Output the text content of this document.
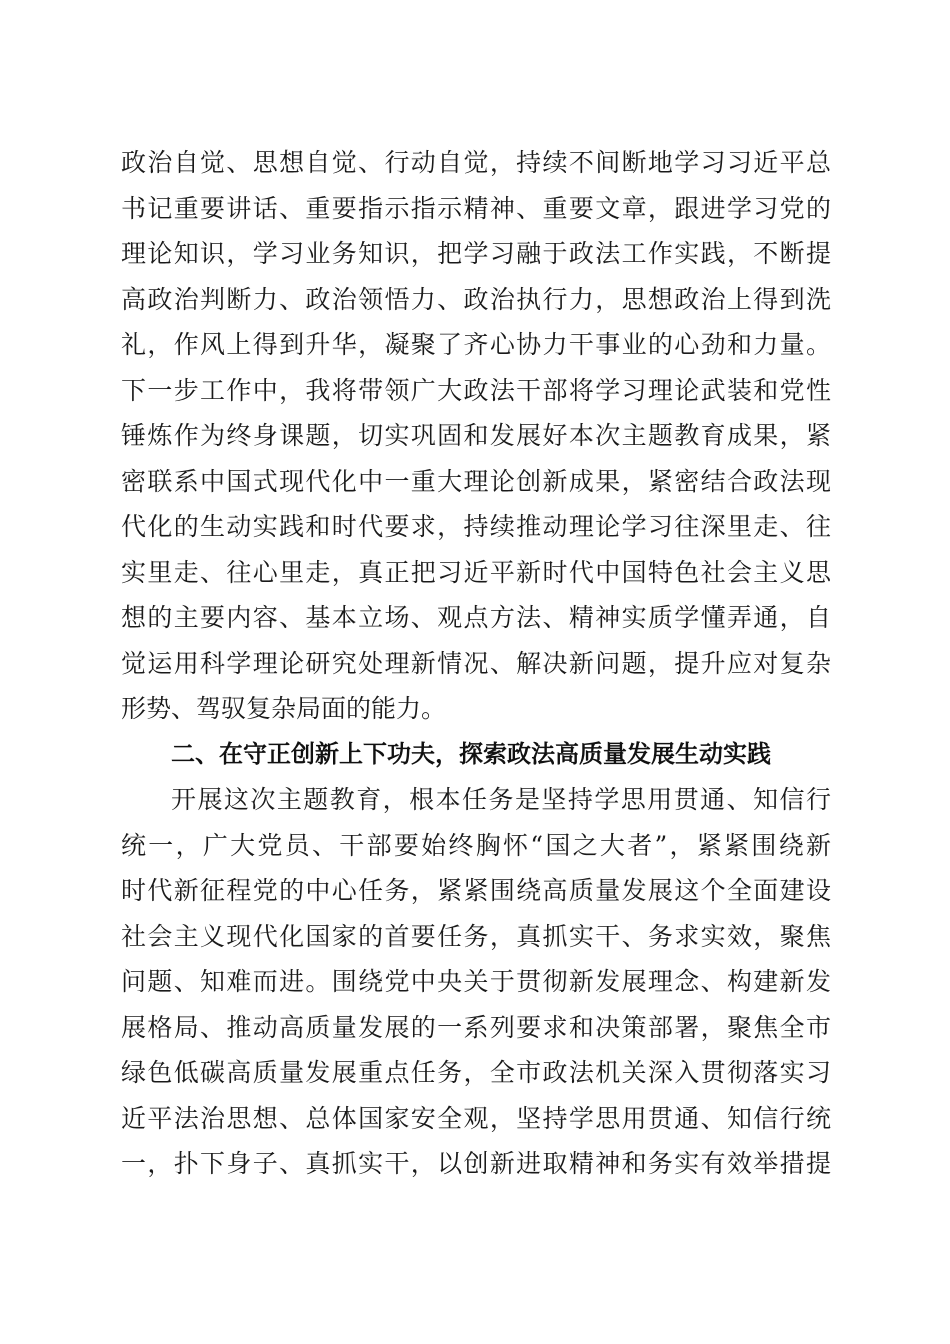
政治自觉、思想自觉、行动自觉，持续不间断地学习习近平总
书记重要讲话、重要指示指示精神、重要文章，跟进学习党的
理论知识，学习业务知识，把学习融于政法工作实践，不断提
高政治判断力、政治领悟力、政治执行力，思想政治上得到洗
礼，作风上得到升华，凝聚了齐心协力干事业的心劲和力量。
下一步工作中，我将带领广大政法干部将学习理论武装和党性
锤炼作为终身课题，切实巩固和发展好本次主题教育成果，紧
密联系中国式现代化中一重大理论创新成果，紧密结合政法现
代化的生动实践和时代要求，持续推动理论学习往深里走、往
实里走、往心里走，真正把习近平新时代中国特色社会主义思
想的主要内容、基本立场、观点方法、精神实质学懂弄通，自
觉运用科学理论研究处理新情况、解决新问题，提升应对复杂
形势、驾驭复杂局面的能力。
二、在守正创新上下功夫，探索政法高质量发展生动实践
开展这次主题教育，根本任务是坚持学思用贯通、知信行
统一，广大党员、干部要始终胸怀“国之大者”，紧紧围绕新
时代新征程党的中心任务，紧紧围绕高质量发展这个全面建设
社会主义现代化国家的首要任务，真抓实干、务求实效，聚焦
问题、知难而进。围绕党中央关于贯彻新发展理念、构建新发
展格局、推动高质量发展的一系列要求和决策部署，聚焦全市
绿色低碳高质量发展重点任务，全市政法机关深入贯彻落实习
近平法治思想、总体国家安全观，坚持学思用贯通、知信行统
一，扑下身子、真抓实干，以创新进取精神和务实有效举措提
